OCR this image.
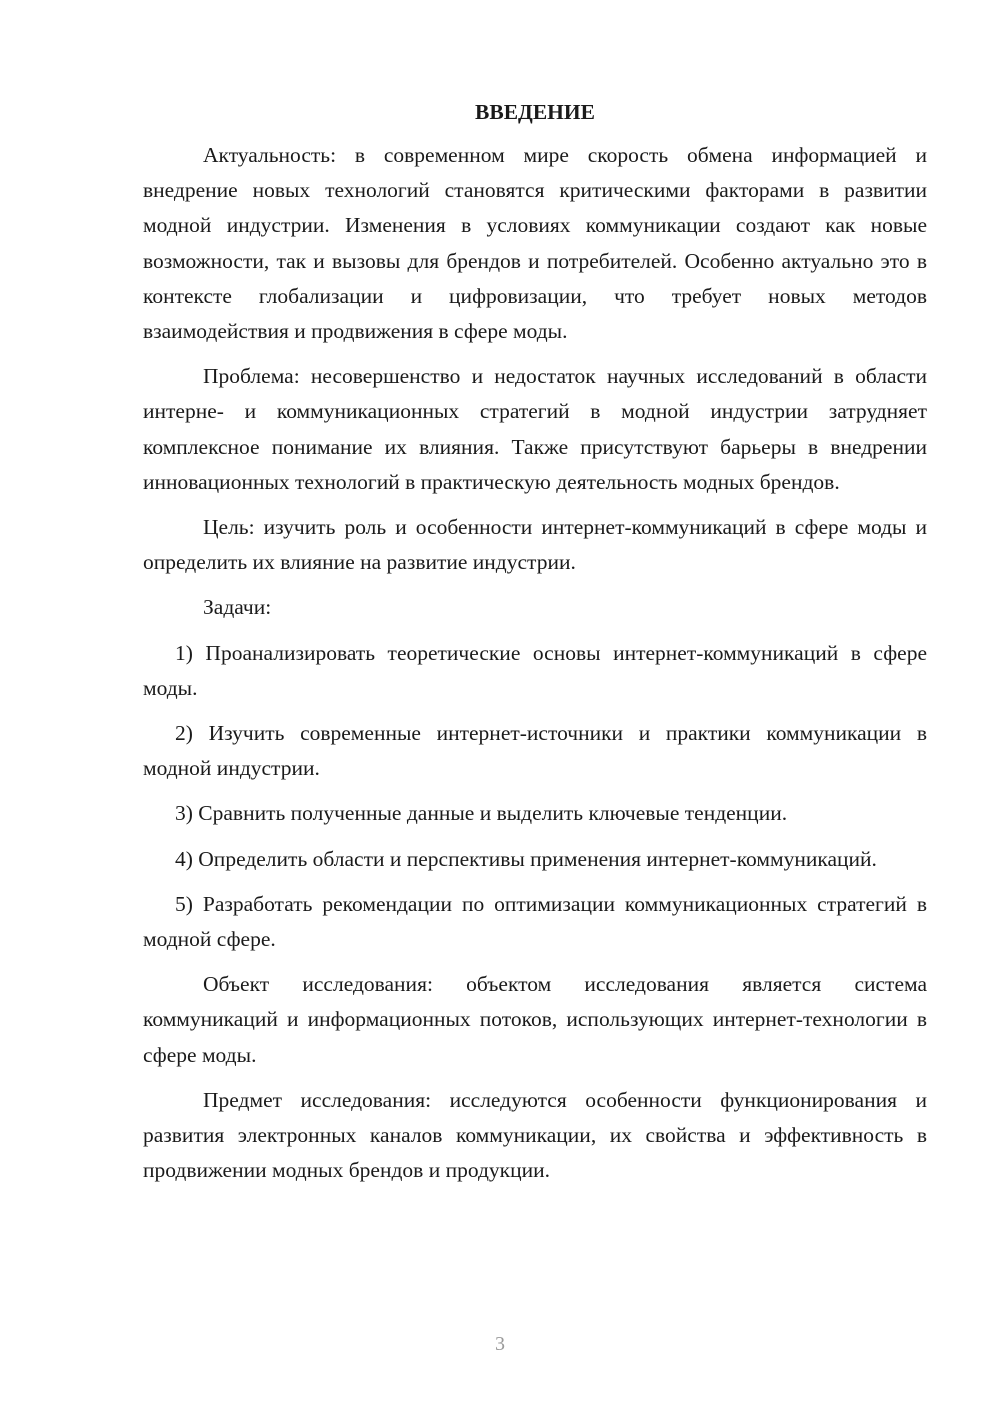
ВВЕДЕНИЕ

Актуальность: в современном мире скорость обмена информацией и внедрение новых технологий становятся критическими факторами в развитии модной индустрии. Изменения в условиях коммуникации создают как новые возможности, так и вызовы для брендов и потребителей. Особенно актуально это в контексте глобализации и цифровизации, что требует новых методов взаимодействия и продвижения в сфере моды.

Проблема: несовершенство и недостаток научных исследований в области интерне- и коммуникационных стратегий в модной индустрии затрудняет комплексное понимание их влияния. Также присутствуют барьеры в внедрении инновационных технологий в практическую деятельность модных брендов.

Цель: изучить роль и особенности интернет-коммуникаций в сфере моды и определить их влияние на развитие индустрии.

Задачи:

1) Проанализировать теоретические основы интернет-коммуникаций в сфере моды.

2) Изучить современные интернет-источники и практики коммуникации в модной индустрии.

3) Сравнить полученные данные и выделить ключевые тенденции.

4) Определить области и перспективы применения интернет-коммуникаций.

5) Разработать рекомендации по оптимизации коммуникационных стратегий в модной сфере.

Объект исследования: объектом исследования является система коммуникаций и информационных потоков, использующих интернет-технологии в сфере моды.

Предмет исследования: исследуются особенности функционирования и развития электронных каналов коммуникации, их свойства и эффективность в продвижении модных брендов и продукции.

3
